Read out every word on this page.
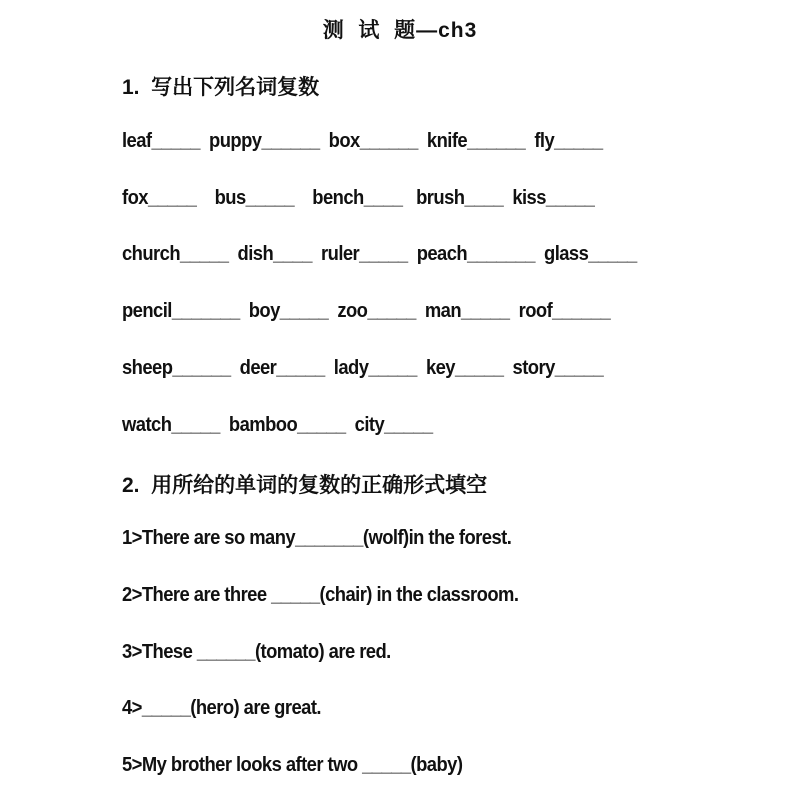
测  试  题—ch3
1.  写出下列名词复数
leaf_____  puppy______  box______  knife______  fly_____
fox_____    bus_____    bench____   brush____  kiss_____
church_____  dish____  ruler_____  peach_______  glass_____
pencil_______  boy_____  zoo_____  man_____  roof______
sheep______  deer_____  lady_____  key_____  story_____
watch_____  bamboo_____  city_____
2.  用所给的单词的复数的正确形式填空
1>There are so many_______(wolf)in the forest.
2>There are three _____(chair) in the classroom.
3>These ______(tomato) are red.
4>_____(hero) are great.
5>My brother looks after two _____(baby)
